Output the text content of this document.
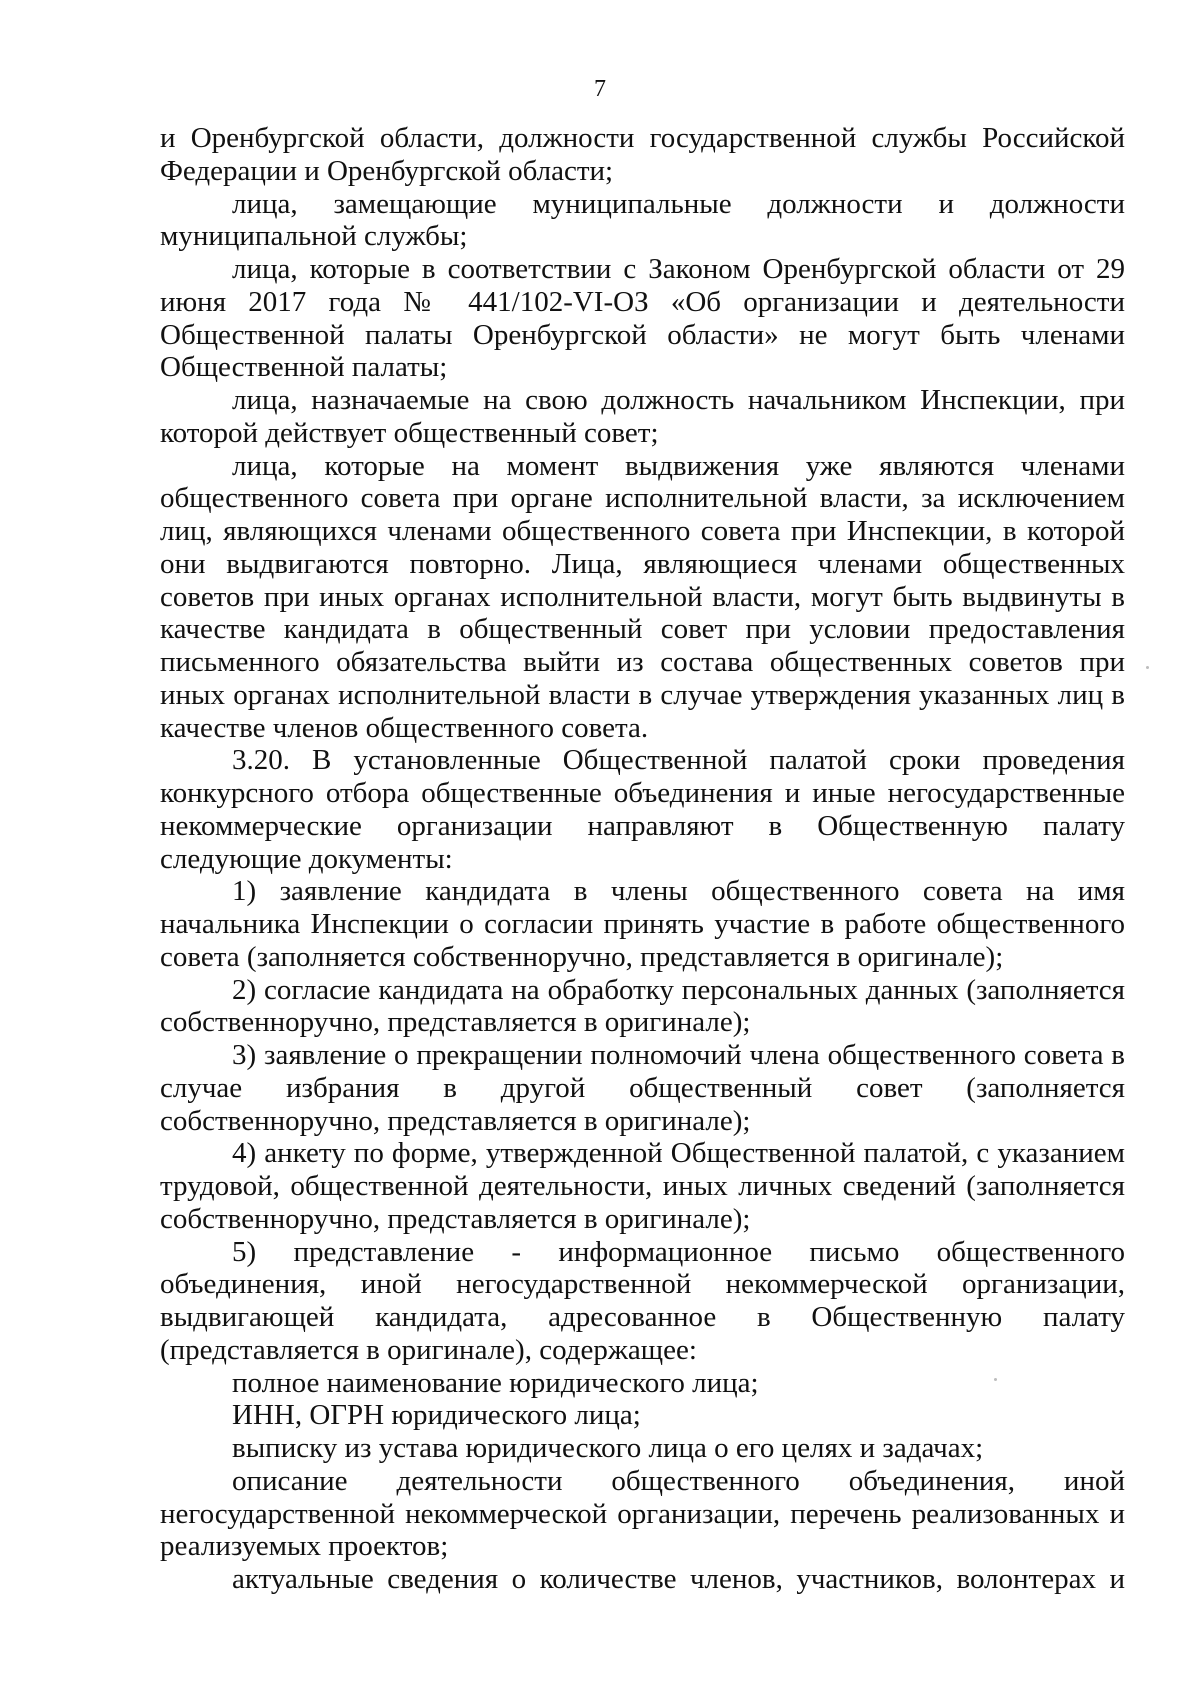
7

и Оренбургской области, должности государственной службы Российской Федерации и Оренбургской области;

лица, замещающие муниципальные должности и должности муниципальной службы;

лица, которые в соответствии с Законом Оренбургской области от 29 июня 2017 года № 441/102-VI-ОЗ «Об организации и деятельности Общественной палаты Оренбургской области» не могут быть членами Общественной палаты;

лица, назначаемые на свою должность начальником Инспекции, при которой действует общественный совет;

лица, которые на момент выдвижения уже являются членами общественного совета при органе исполнительной власти, за исключением лиц, являющихся членами общественного совета при Инспекции, в которой они выдвигаются повторно. Лица, являющиеся членами общественных советов при иных органах исполнительной власти, могут быть выдвинуты в качестве кандидата в общественный совет при условии предоставления письменного обязательства выйти из состава общественных советов при иных органах исполнительной власти в случае утверждения указанных лиц в качестве членов общественного совета.

3.20. В установленные Общественной палатой сроки проведения конкурсного отбора общественные объединения и иные негосударственные некоммерческие организации направляют в Общественную палату следующие документы:

1) заявление кандидата в члены общественного совета на имя начальника Инспекции о согласии принять участие в работе общественного совета (заполняется собственноручно, представляется в оригинале);

2) согласие кандидата на обработку персональных данных (заполняется собственноручно, представляется в оригинале);

3) заявление о прекращении полномочий члена общественного совета в случае избрания в другой общественный совет (заполняется собственноручно, представляется в оригинале);

4) анкету по форме, утвержденной Общественной палатой, с указанием трудовой, общественной деятельности, иных личных сведений (заполняется собственноручно, представляется в оригинале);

5) представление - информационное письмо общественного объединения, иной негосударственной некоммерческой организации, выдвигающей кандидата, адресованное в Общественную палату (представляется в оригинале), содержащее:

полное наименование юридического лица;

ИНН, ОГРН юридического лица;

выписку из устава юридического лица о его целях и задачах;

описание деятельности общественного объединения, иной негосударственной некоммерческой организации, перечень реализованных и реализуемых проектов;

актуальные сведения о количестве членов, участников, волонтерах и
